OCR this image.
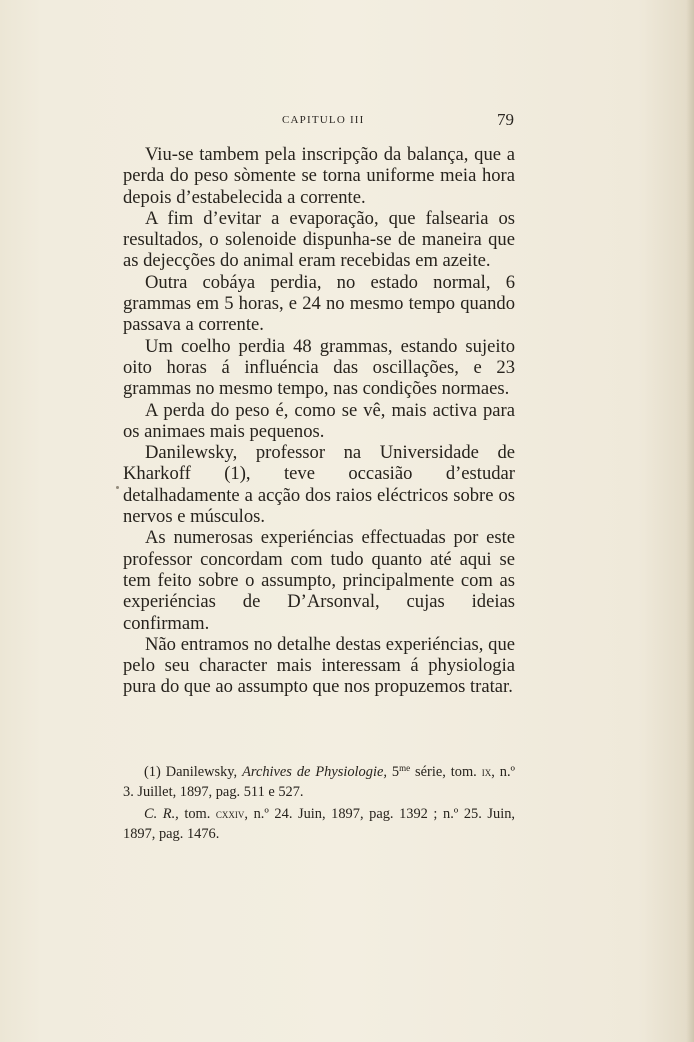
CAPITULO III	79

Viu-se tambem pela inscripção da balança, que a perda do peso sòmente se torna uniforme meia hora depois d’estabelecida a corrente.

A fim d’evitar a evaporação, que falsearia os resultados, o solenoide dispunha-se de maneira que as dejecções do animal eram recebidas em azeite.

Outra cobáya perdia, no estado normal, 6 grammas em 5 horas, e 24 no mesmo tempo quando passava a corrente.

Um coelho perdia 48 grammas, estando sujeito oito horas á influéncia das oscillações, e 23 grammas no mesmo tempo, nas condições normaes.

A perda do peso é, como se vê, mais activa para os animaes mais pequenos.

Danilewsky, professor na Universidade de Kharkoff (1), teve occasião d’estudar detalhadamente a acção dos raios eléctricos sobre os nervos e músculos.

As numerosas experiéncias effectuadas por este professor concordam com tudo quanto até aqui se tem feito sobre o assumpto, principalmente com as experiéncias de D’Arsonval, cujas ideias confirmam.

Não entramos no detalhe destas experiéncias, que pelo seu character mais interessam á physiologia pura do que ao assumpto que nos propuzemos tratar.

(1) Danilewsky, Archives de Physiologie, 5$^{me}$ série, tom. ix, n.º 3. Juillet, 1897, pag. 511 e 527.

C. R., tom. cxxiv, n.º 24. Juin, 1897, pag. 1392 ; n.º 25. Juin, 1897, pag. 1476.
